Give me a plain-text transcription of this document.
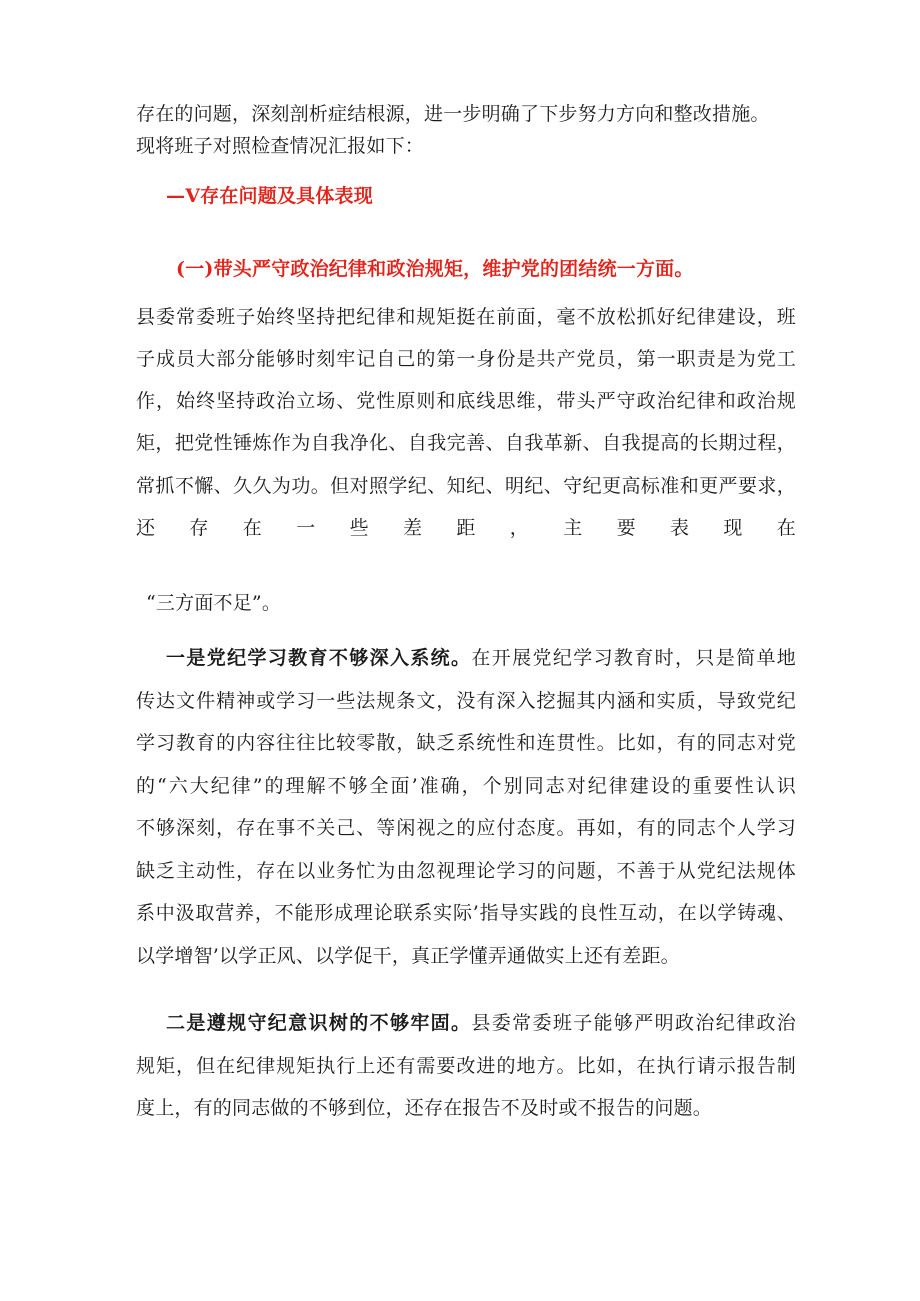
存在的问题，深刻剖析症结根源，进一步明确了下步努力方向和整改措施。
现将班子对照检查情况汇报如下：
—V存在问题及具体表现
(一)带头严守政治纪律和政治规矩，维护党的团结统一方面。
县委常委班子始终坚持把纪律和规矩挺在前面，毫不放松抓好纪律建设，班
子成员大部分能够时刻牢记自己的第一身份是共产党员，第一职责是为党工
作，始终坚持政治立场、党性原则和底线思维，带头严守政治纪律和政治规
矩，把党性锤炼作为自我净化、自我完善、自我革新、自我提高的长期过程，
常抓不懈、久久为功。但对照学纪、知纪、明纪、守纪更高标准和更严要求，
还存在一些差距，主要表现在
“三方面不足”。
一是党纪学习教育不够深入系统。在开展党纪学习教育时，只是简单地
传达文件精神或学习一些法规条文，没有深入挖掘其内涵和实质，导致党纪
学习教育的内容往往比较零散，缺乏系统性和连贯性。比如，有的同志对党
的“六大纪律”的理解不够全面’准确，个别同志对纪律建设的重要性认识
不够深刻，存在事不关己、等闲视之的应付态度。再如，有的同志个人学习
缺乏主动性，存在以业务忙为由忽视理论学习的问题，不善于从党纪法规体
系中汲取营养，不能形成理论联系实际’指导实践的良性互动，在以学铸魂、
以学增智’以学正风、以学促干，真正学懂弄通做实上还有差距。
二是遵规守纪意识树的不够牢固。县委常委班子能够严明政治纪律政治
规矩，但在纪律规矩执行上还有需要改进的地方。比如，在执行请示报告制
度上，有的同志做的不够到位，还存在报告不及时或不报告的问题。
